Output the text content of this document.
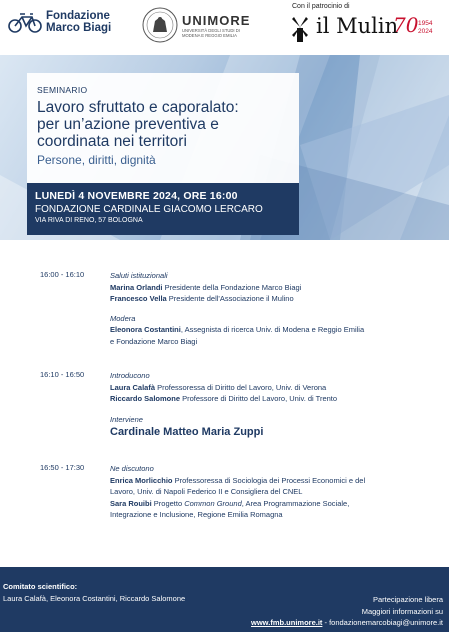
Fondazione
Marco Biagi
UNIMORE
UNIVERSITÀ DEGLI STUDI DI
MODENA E REGGIO EMILIA
Con il patrocinio di
il Mulin
70 1954
2024
SEMINARIO
Lavoro sfruttato e caporalato:
per un’azione preventiva e
coordinata nei territori
Persone, diritti, dignità
LUNEDÌ 4 NOVEMBRE 2024, ORE 16:00
FONDAZIONE CARDINALE GIACOMO LERCARO
VIA RIVA DI RENO, 57 BOLOGNA
16:00 - 16:10	Saluti istituzionali
Marina Orlandi Presidente della Fondazione Marco Biagi
Francesco Vella Presidente dell'Associazione il Mulino
Modera
Eleonora Costantini, Assegnista di ricerca Univ. di Modena e Reggio Emilia
e Fondazione Marco Biagi
16:10 - 16:50	Introducono
Laura Calafà Professoressa di Diritto del Lavoro, Univ. di Verona
Riccardo Salomone Professore di Diritto del Lavoro, Univ. di Trento
Interviene
Cardinale Matteo Maria Zuppi
16:50 - 17:30	Ne discutono
Enrica Morlicchio Professoressa di Sociologia dei Processi Economici e del
Lavoro, Univ. di Napoli Federico II e Consigliera del CNEL
Sara Rouibi Progetto Common Ground, Area Programmazione Sociale,
Integrazione e Inclusione, Regione Emilia Romagna
Comitato scientifico:
Laura Calafà, Eleonora Costantini, Riccardo Salomone	Partecipazione libera
Maggiori informazioni su
www.fmb.unimore.it - fondazionemarcobiagi@unimore.it
